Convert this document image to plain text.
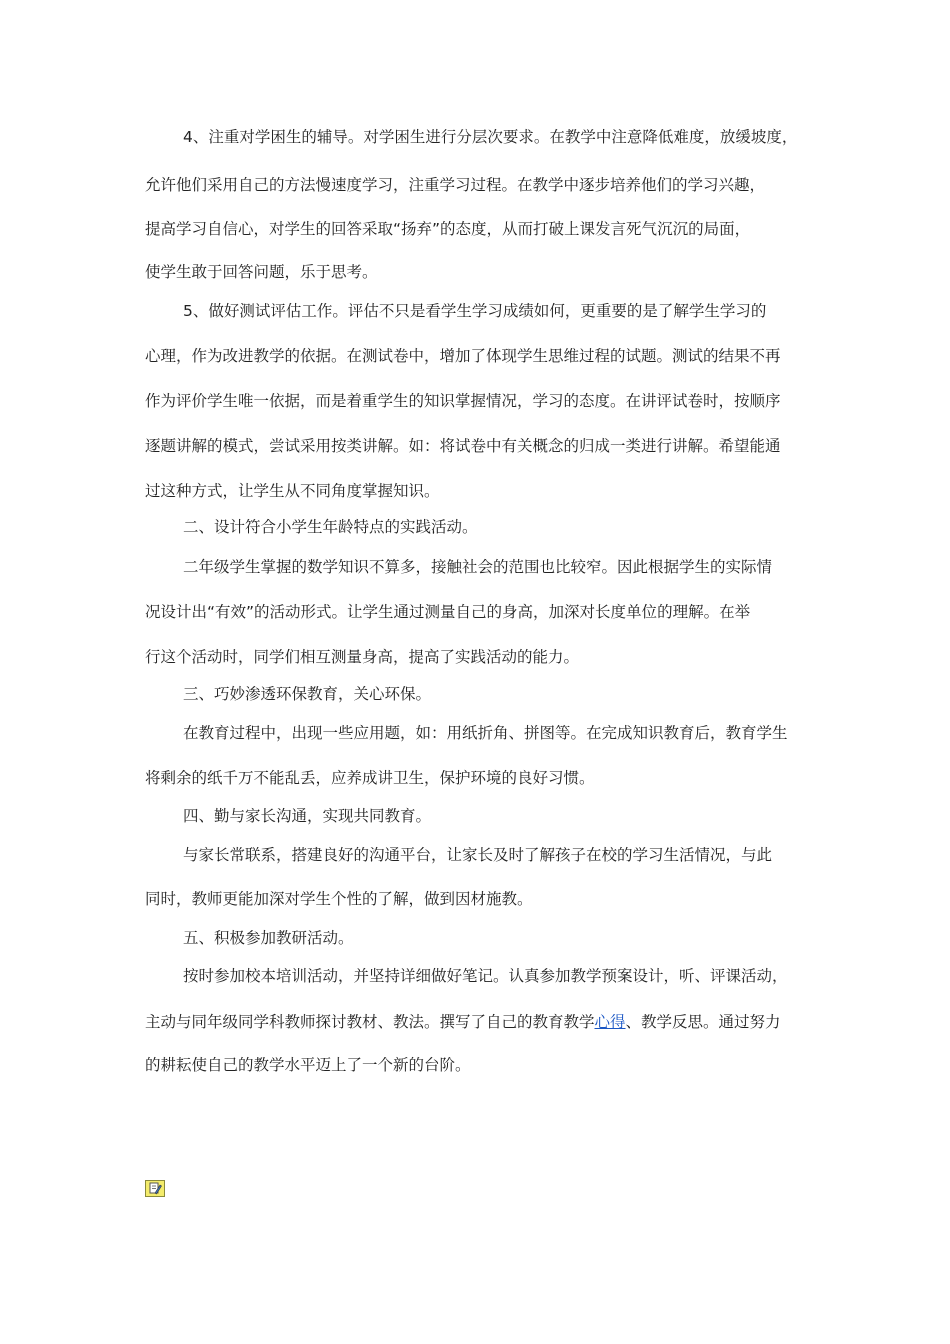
4、注重对学困生的辅导。对学困生进行分层次要求。在教学中注意降低难度，放缓坡度，
允许他们采用自己的方法慢速度学习，注重学习过程。在教学中逐步培养他们的学习兴趣，
提高学习自信心，对学生的回答采取“扬弃”的态度，从而打破上课发言死气沉沉的局面，
使学生敢于回答问题，乐于思考。
5、做好测试评估工作。评估不只是看学生学习成绩如何，更重要的是了解学生学习的
心理，作为改进教学的依据。在测试卷中，增加了体现学生思维过程的试题。测试的结果不再
作为评价学生唯一依据，而是着重学生的知识掌握情况，学习的态度。在讲评试卷时，按顺序
逐题讲解的模式，尝试采用按类讲解。如：将试卷中有关概念的归成一类进行讲解。希望能通
过这种方式，让学生从不同角度掌握知识。
二、设计符合小学生年龄特点的实践活动。
二年级学生掌握的数学知识不算多，接触社会的范围也比较窄。因此根据学生的实际情
况设计出“有效”的活动形式。让学生通过测量自己的身高，加深对长度单位的理解。在举
行这个活动时，同学们相互测量身高，提高了实践活动的能力。
三、巧妙渗透环保教育，关心环保。
在教育过程中，出现一些应用题，如：用纸折角、拼图等。在完成知识教育后，教育学生
将剩余的纸千万不能乱丢，应养成讲卫生，保护环境的良好习惯。
四、勤与家长沟通，实现共同教育。
与家长常联系，搭建良好的沟通平台，让家长及时了解孩子在校的学习生活情况，与此
同时，教师更能加深对学生个性的了解，做到因材施教。
五、积极参加教研活动。
按时参加校本培训活动，并坚持详细做好笔记。认真参加教学预案设计，听、评课活动，
主动与同年级同学科教师探讨教材、教法。撰写了自己的教育教学心得、教学反思。通过努力
的耕耘使自己的教学水平迈上了一个新的台阶。
